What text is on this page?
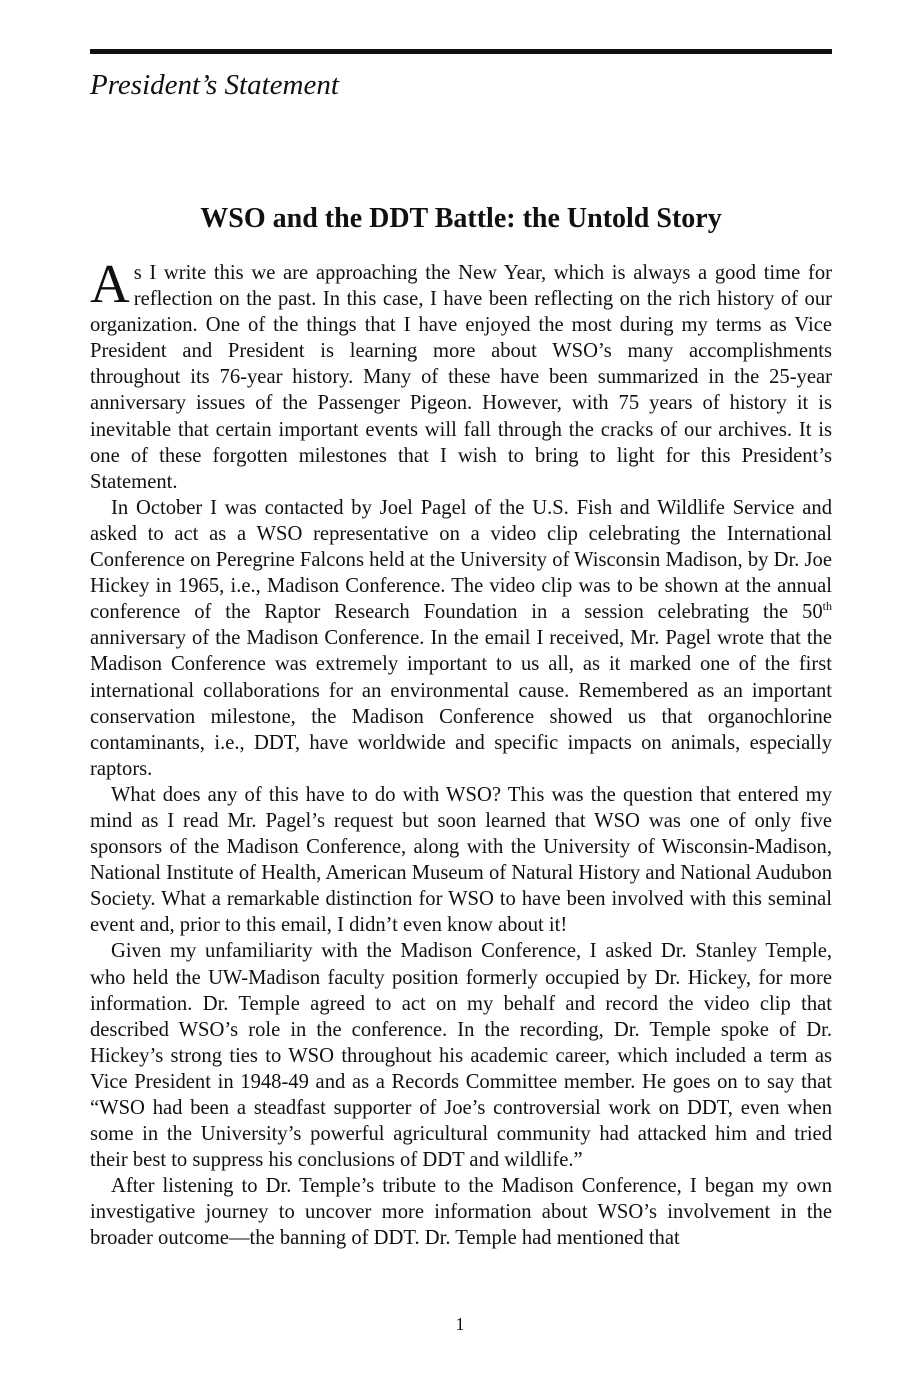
President’s Statement
WSO and the DDT Battle: the Untold Story

As I write this we are approaching the New Year, which is always a good time for reflection on the past. In this case, I have been reflecting on the rich history of our organization. One of the things that I have enjoyed the most during my terms as Vice President and President is learning more about WSO’s many accomplishments throughout its 76-year history. Many of these have been summarized in the 25-year anniversary issues of the Passenger Pigeon. However, with 75 years of history it is inevitable that certain important events will fall through the cracks of our archives. It is one of these forgotten milestones that I wish to bring to light for this President’s Statement.

In October I was contacted by Joel Pagel of the U.S. Fish and Wildlife Service and asked to act as a WSO representative on a video clip celebrating the International Conference on Peregrine Falcons held at the University of Wisconsin Madison, by Dr. Joe Hickey in 1965, i.e., Madison Conference. The video clip was to be shown at the annual conference of the Raptor Research Foundation in a session celebrating the 50th anniversary of the Madison Conference. In the email I received, Mr. Pagel wrote that the Madison Conference was extremely important to us all, as it marked one of the first international collaborations for an environmental cause. Remembered as an important conservation milestone, the Madison Conference showed us that organochlorine contaminants, i.e., DDT, have worldwide and specific impacts on animals, especially raptors.

What does any of this have to do with WSO? This was the question that entered my mind as I read Mr. Pagel’s request but soon learned that WSO was one of only five sponsors of the Madison Conference, along with the University of Wisconsin-Madison, National Institute of Health, American Museum of Natural History and National Audubon Society. What a remarkable distinction for WSO to have been involved with this seminal event and, prior to this email, I didn’t even know about it!

Given my unfamiliarity with the Madison Conference, I asked Dr. Stanley Temple, who held the UW-Madison faculty position formerly occupied by Dr. Hickey, for more information. Dr. Temple agreed to act on my behalf and record the video clip that described WSO’s role in the conference. In the recording, Dr. Temple spoke of Dr. Hickey’s strong ties to WSO throughout his academic career, which included a term as Vice President in 1948-49 and as a Records Committee member. He goes on to say that “WSO had been a steadfast supporter of Joe’s controversial work on DDT, even when some in the University’s powerful agricultural community had attacked him and tried their best to suppress his conclusions of DDT and wildlife.”

After listening to Dr. Temple’s tribute to the Madison Conference, I began my own investigative journey to uncover more information about WSO’s involvement in the broader outcome—the banning of DDT. Dr. Temple had mentioned that

1
